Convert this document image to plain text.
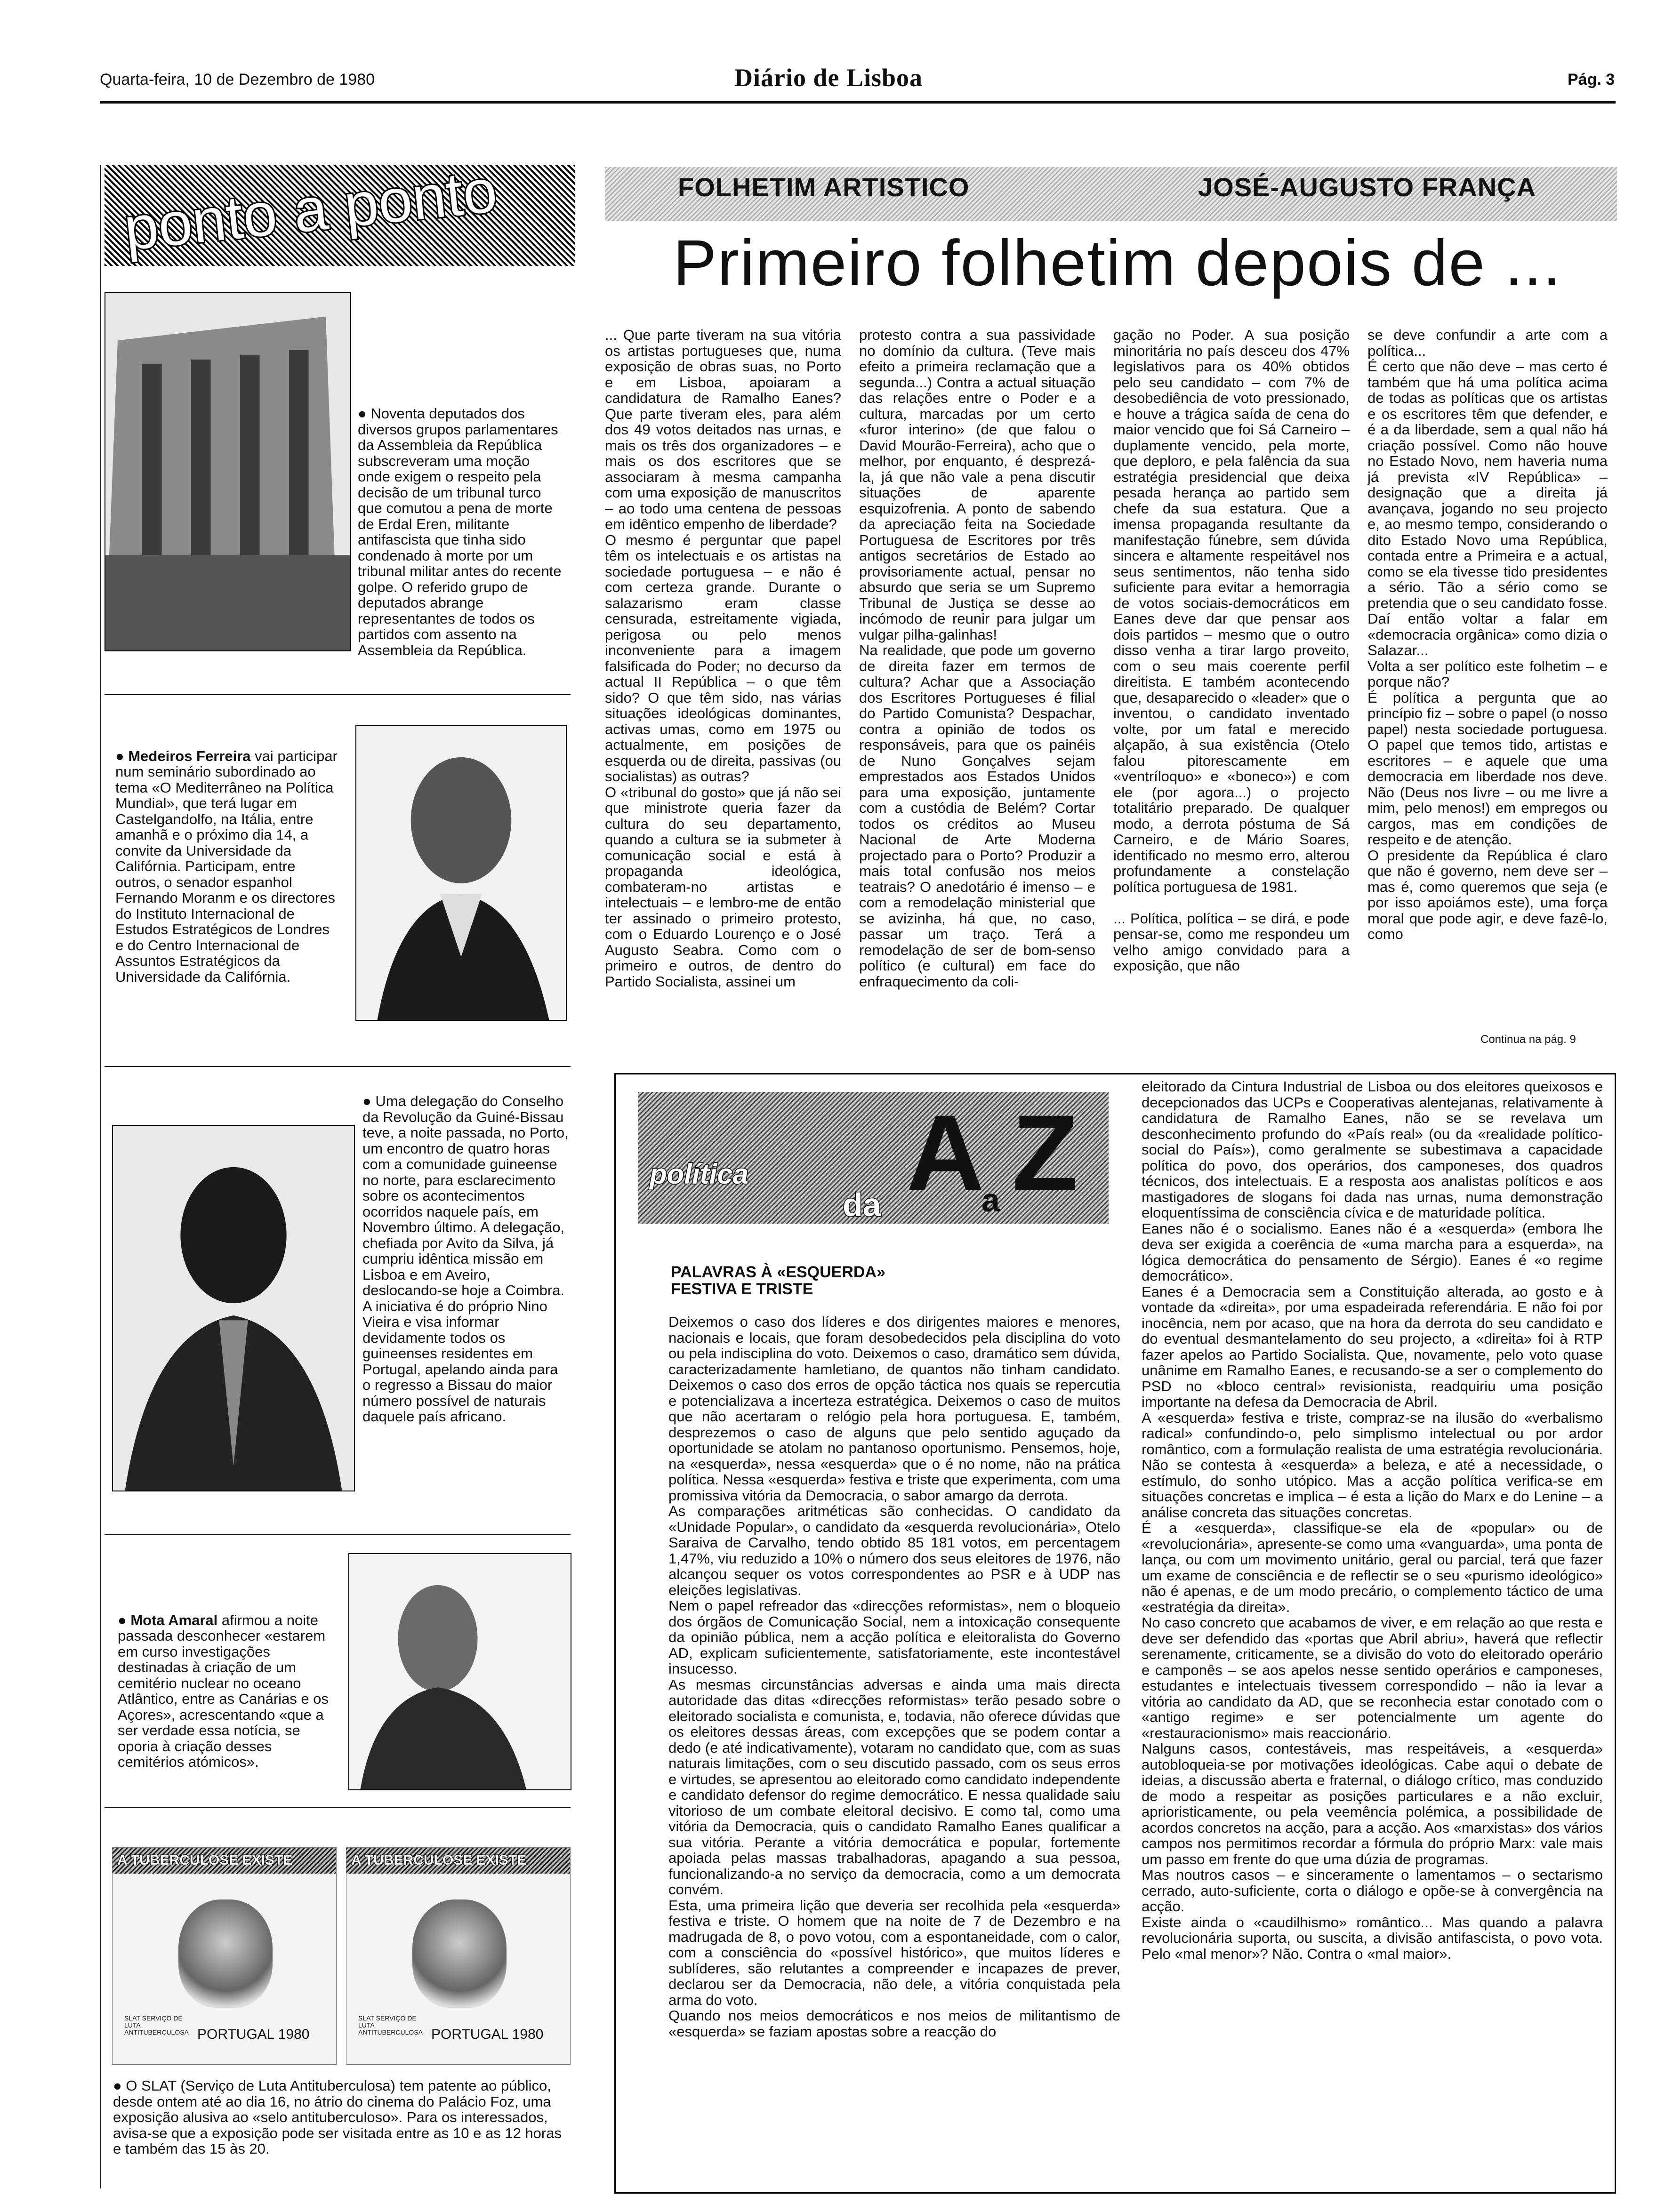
Quarta-feira, 10 de Dezembro de 1980	Diário de Lisboa	Pág. 3
ponto a ponto
● Noventa deputados dos diversos grupos parlamentares da Assembleia da República subscreveram uma moção onde exigem o respeito pela decisão de um tribunal turco que comutou a pena de morte de Erdal Eren, militante antifascista que tinha sido condenado à morte por um tribunal militar antes do recente golpe. O referido grupo de deputados abrange representantes de todos os partidos com assento na Assembleia da República.

● Medeiros Ferreira vai participar num seminário subordinado ao tema «O Mediterrâneo na Política Mundial», que terá lugar em Castelgandolfo, na Itália, entre amanhã e o próximo dia 14, a convite da Universidade da Califórnia. Participam, entre outros, o senador espanhol Fernando Moranm e os directores do Instituto Internacional de Estudos Estratégicos de Londres e do Centro Internacional de Assuntos Estratégicos da Universidade da Califórnia.

● Uma delegação do Conselho da Revolução da Guiné-Bissau teve, a noite passada, no Porto, um encontro de quatro horas com a comunidade guineense no norte, para esclarecimento sobre os acontecimentos ocorridos naquele país, em Novembro último. A delegação, chefiada por Avito da Silva, já cumpriu idêntica missão em Lisboa e em Aveiro, deslocando-se hoje a Coimbra. A iniciativa é do próprio Nino Vieira e visa informar devidamente todos os guineenses residentes em Portugal, apelando ainda para o regresso a Bissau do maior número possível de naturais daquele país africano.

● Mota Amaral afirmou a noite passada desconhecer «estarem em curso investigações destinadas à criação de um cemitério nuclear no oceano Atlântico, entre as Canárias e os Açores», acrescentando «que a ser verdade essa notícia, se oporia à criação desses cemitérios atómicos».

A TUBERCULOSE EXISTE
SLAT SERVIÇO DE LUTA ANTITUBERCULOSA PORTUGAL 1980
A TUBERCULOSE EXISTE
SLAT SERVIÇO DE LUTA ANTITUBERCULOSA PORTUGAL 1980
● O SLAT (Serviço de Luta Antituberculosa) tem patente ao público, desde ontem até ao dia 16, no átrio do cinema do Palácio Foz, uma exposição alusiva ao «selo antituberculoso». Para os interessados, avisa-se que a exposição pode ser visitada entre as 10 e as 12 horas e também das 15 às 20.
FOLHETIM ARTISTICO	JOSÉ-AUGUSTO FRANÇA
Primeiro folhetim depois de ...
... Que parte tiveram na sua vitória os artistas portugueses que, numa exposição de obras suas, no Porto e em Lisboa, apoiaram a candidatura de Ramalho Eanes? Que parte tiveram eles, para além dos 49 votos deitados nas urnas, e mais os três dos organizadores – e mais os dos escritores que se associaram à mesma campanha com uma exposição de manuscritos – ao todo uma centena de pessoas em idêntico empenho de liberdade?
O mesmo é perguntar que papel têm os intelectuais e os artistas na sociedade portuguesa – e não é com certeza grande. Durante o salazarismo eram classe censurada, estreitamente vigiada, perigosa ou pelo menos inconveniente para a imagem falsificada do Poder; no decurso da actual II República – o que têm sido? O que têm sido, nas várias situações ideológicas dominantes, activas umas, como em 1975 ou actualmente, em posições de esquerda ou de direita, passivas (ou socialistas) as outras?
O «tribunal do gosto» que já não sei que ministrote queria fazer da cultura do seu departamento, quando a cultura se ia submeter à comunicação social e está à propaganda ideológica, combateram-no artistas e intelectuais – e lembro-me de então ter assinado o primeiro protesto, com o Eduardo Lourenço e o José Augusto Seabra. Como com o primeiro e outros, de dentro do Partido Socialista, assinei um
protesto contra a sua passividade no domínio da cultura. (Teve mais efeito a primeira reclamação que a segunda...) Contra a actual situação das relações entre o Poder e a cultura, marcadas por um certo «furor interino» (de que falou o David Mourão-Ferreira), acho que o melhor, por enquanto, é desprezá-la, já que não vale a pena discutir situações de aparente esquizofrenia. A ponto de sabendo da apreciação feita na Sociedade Portuguesa de Escritores por três antigos secretários de Estado ao provisoriamente actual, pensar no absurdo que seria se um Supremo Tribunal de Justiça se desse ao incómodo de reunir para julgar um vulgar pilha-galinhas!
Na realidade, que pode um governo de direita fazer em termos de cultura? Achar que a Associação dos Escritores Portugueses é filial do Partido Comunista? Despachar, contra a opinião de todos os responsáveis, para que os painéis de Nuno Gonçalves sejam emprestados aos Estados Unidos para uma exposição, juntamente com a custódia de Belém? Cortar todos os créditos ao Museu Nacional de Arte Moderna projectado para o Porto? Produzir a mais total confusão nos meios teatrais? O anedotário é imenso – e com a remodelação ministerial que se avizinha, há que, no caso, passar um traço. Terá a remodelação de ser de bom-senso político (e cultural) em face do enfraquecimento da coli-
gação no Poder. A sua posição minoritária no país desceu dos 47% legislativos para os 40% obtidos pelo seu candidato – com 7% de desobediência de voto pressionado, e houve a trágica saída de cena do maior vencido que foi Sá Carneiro – duplamente vencido, pela morte, que deploro, e pela falência da sua estratégia presidencial que deixa pesada herança ao partido sem chefe da sua estatura. Que a imensa propaganda resultante da manifestação fúnebre, sem dúvida sincera e altamente respeitável nos seus sentimentos, não tenha sido suficiente para evitar a hemorragia de votos sociais-democráticos em Eanes deve dar que pensar aos dois partidos – mesmo que o outro disso venha a tirar largo proveito, com o seu mais coerente perfil direitista. E também acontecendo que, desaparecido o «leader» que o inventou, o candidato inventado volte, por um fatal e merecido alçapão, à sua existência (Otelo falou pitorescamente em «ventríloquo» e «boneco») e com ele (por agora...) o projecto totalitário preparado. De qualquer modo, a derrota póstuma de Sá Carneiro, e de Mário Soares, identificado no mesmo erro, alterou profundamente a constelação política portuguesa de 1981.

... Política, política – se dirá, e pode pensar-se, como me respondeu um velho amigo convidado para a exposição, que não
se deve confundir a arte com a política...
É certo que não deve – mas certo é também que há uma política acima de todas as políticas que os artistas e os escritores têm que defender, e é a da liberdade, sem a qual não há criação possível. Como não houve no Estado Novo, nem haveria numa já prevista «IV República» – designação que a direita já avançava, jogando no seu projecto e, ao mesmo tempo, considerando o dito Estado Novo uma República, contada entre a Primeira e a actual, como se ela tivesse tido presidentes a sério. Tão a sério como se pretendia que o seu candidato fosse. Daí então voltar a falar em «democracia orgânica» como dizia o Salazar...
Volta a ser político este folhetim – e porque não?
É política a pergunta que ao princípio fiz – sobre o papel (o nosso papel) nesta sociedade portuguesa. O papel que temos tido, artistas e escritores – e aquele que uma democracia em liberdade nos deve. Não (Deus nos livre – ou me livre a mim, pelo menos!) em empregos ou cargos, mas em condições de respeito e de atenção.
O presidente da República é claro que não é governo, nem deve ser – mas é, como queremos que seja (e por isso apoiámos este), uma força moral que pode agir, e deve fazê-lo, como
Continua na pág. 9
política
da A
a Z
PALAVRAS À «ESQUERDA» FESTIVA E TRISTE
Deixemos o caso dos líderes e dos dirigentes maiores e menores, nacionais e locais, que foram desobedecidos pela disciplina do voto ou pela indisciplina do voto. Deixemos o caso, dramático sem dúvida, caracterizadamente hamletiano, de quantos não tinham candidato. Deixemos o caso dos erros de opção táctica nos quais se repercutia e potencializava a incerteza estratégica. Deixemos o caso de muitos que não acertaram o relógio pela hora portuguesa. E, também, desprezemos o caso de alguns que pelo sentido aguçado da oportunidade se atolam no pantanoso oportunismo. Pensemos, hoje, na «esquerda», nessa «esquerda» que o é no nome, não na prática política. Nessa «esquerda» festiva e triste que experimenta, com uma promissiva vitória da Democracia, o sabor amargo da derrota.
As comparações aritméticas são conhecidas. O candidato da «Unidade Popular», o candidato da «esquerda revolucionária», Otelo Saraiva de Carvalho, tendo obtido 85 181 votos, em percentagem 1,47%, viu reduzido a 10% o número dos seus eleitores de 1976, não alcançou sequer os votos correspondentes ao PSR e à UDP nas eleições legislativas.
Nem o papel refreador das «direcções reformistas», nem o bloqueio dos órgãos de Comunicação Social, nem a intoxicação consequente da opinião pública, nem a acção política e eleitoralista do Governo AD, explicam suficientemente, satisfatoriamente, este incontestável insucesso.
As mesmas circunstâncias adversas e ainda uma mais directa autoridade das ditas «direcções reformistas» terão pesado sobre o eleitorado socialista e comunista, e, todavia, não oferece dúvidas que os eleitores dessas áreas, com excepções que se podem contar a dedo (e até indicativamente), votaram no candidato que, com as suas naturais limitações, com o seu discutido passado, com os seus erros e virtudes, se apresentou ao eleitorado como candidato independente e candidato defensor do regime democrático. E nessa qualidade saiu vitorioso de um combate eleitoral decisivo. E como tal, como uma vitória da Democracia, quis o candidato Ramalho Eanes qualificar a sua vitória. Perante a vitória democrática e popular, fortemente apoiada pelas massas trabalhadoras, apagando a sua pessoa, funcionalizando-a no serviço da democracia, como a um democrata convém.
Esta, uma primeira lição que deveria ser recolhida pela «esquerda» festiva e triste. O homem que na noite de 7 de Dezembro e na madrugada de 8, o povo votou, com a espontaneidade, com o calor, com a consciência do «possível histórico», que muitos líderes e sublíderes, são relutantes a compreender e incapazes de prever, declarou ser da Democracia, não dele, a vitória conquistada pela arma do voto.
Quando nos meios democráticos e nos meios de militantismo de «esquerda» se faziam apostas sobre a reacção do
eleitorado da Cintura Industrial de Lisboa ou dos eleitores queixosos e decepcionados das UCPs e Cooperativas alentejanas, relativamente à candidatura de Ramalho Eanes, não se se revelava um desconhecimento profundo do «País real» (ou da «realidade político-social do País»), como geralmente se subestimava a capacidade política do povo, dos operários, dos camponeses, dos quadros técnicos, dos intelectuais. E a resposta aos analistas políticos e aos mastigadores de slogans foi dada nas urnas, numa demonstração eloquentíssima de consciência cívica e de maturidade política.
Eanes não é o socialismo. Eanes não é a «esquerda» (embora lhe deva ser exigida a coerência de «uma marcha para a esquerda», na lógica democrática do pensamento de Sérgio). Eanes é «o regime democrático».
Eanes é a Democracia sem a Constituição alterada, ao gosto e à vontade da «direita», por uma espadeirada referendária. E não foi por inocência, nem por acaso, que na hora da derrota do seu candidato e do eventual desmantelamento do seu projecto, a «direita» foi à RTP fazer apelos ao Partido Socialista. Que, novamente, pelo voto quase unânime em Ramalho Eanes, e recusando-se a ser o complemento do PSD no «bloco central» revisionista, readquiriu uma posição importante na defesa da Democracia de Abril.
A «esquerda» festiva e triste, compraz-se na ilusão do «verbalismo radical» confundindo-o, pelo simplismo intelectual ou por ardor romântico, com a formulação realista de uma estratégia revolucionária. Não se contesta à «esquerda» a beleza, e até a necessidade, o estímulo, do sonho utópico. Mas a acção política verifica-se em situações concretas e implica – é esta a lição do Marx e do Lenine – a análise concreta das situações concretas.
É a «esquerda», classifique-se ela de «popular» ou de «revolucionária», apresente-se como uma «vanguarda», uma ponta de lança, ou com um movimento unitário, geral ou parcial, terá que fazer um exame de consciência e de reflectir se o seu «purismo ideológico» não é apenas, e de um modo precário, o complemento táctico de uma «estratégia da direita».
No caso concreto que acabamos de viver, e em relação ao que resta e deve ser defendido das «portas que Abril abriu», haverá que reflectir serenamente, criticamente, se a divisão do voto do eleitorado operário e camponês – se aos apelos nesse sentido operários e camponeses, estudantes e intelectuais tivessem correspondido – não ia levar a vitória ao candidato da AD, que se reconhecia estar conotado com o «antigo regime» e ser potencialmente um agente do «restauracionismo» mais reaccionário.
Nalguns casos, contestáveis, mas respeitáveis, a «esquerda» autobloqueia-se por motivações ideológicas. Cabe aqui o debate de ideias, a discussão aberta e fraternal, o diálogo crítico, mas conduzido de modo a respeitar as posições particulares e a não excluir, aprioristicamente, ou pela veemência polémica, a possibilidade de acordos concretos na acção, para a acção. Aos «marxistas» dos vários campos nos permitimos recordar a fórmula do próprio Marx: vale mais um passo em frente do que uma dúzia de programas.
Mas noutros casos – e sinceramente o lamentamos – o sectarismo cerrado, auto-suficiente, corta o diálogo e opõe-se à convergência na acção.
Existe ainda o «caudilhismo» romântico... Mas quando a palavra revolucionária suporta, ou suscita, a divisão antifascista, o povo vota. Pelo «mal menor»? Não. Contra o «mal maior».
